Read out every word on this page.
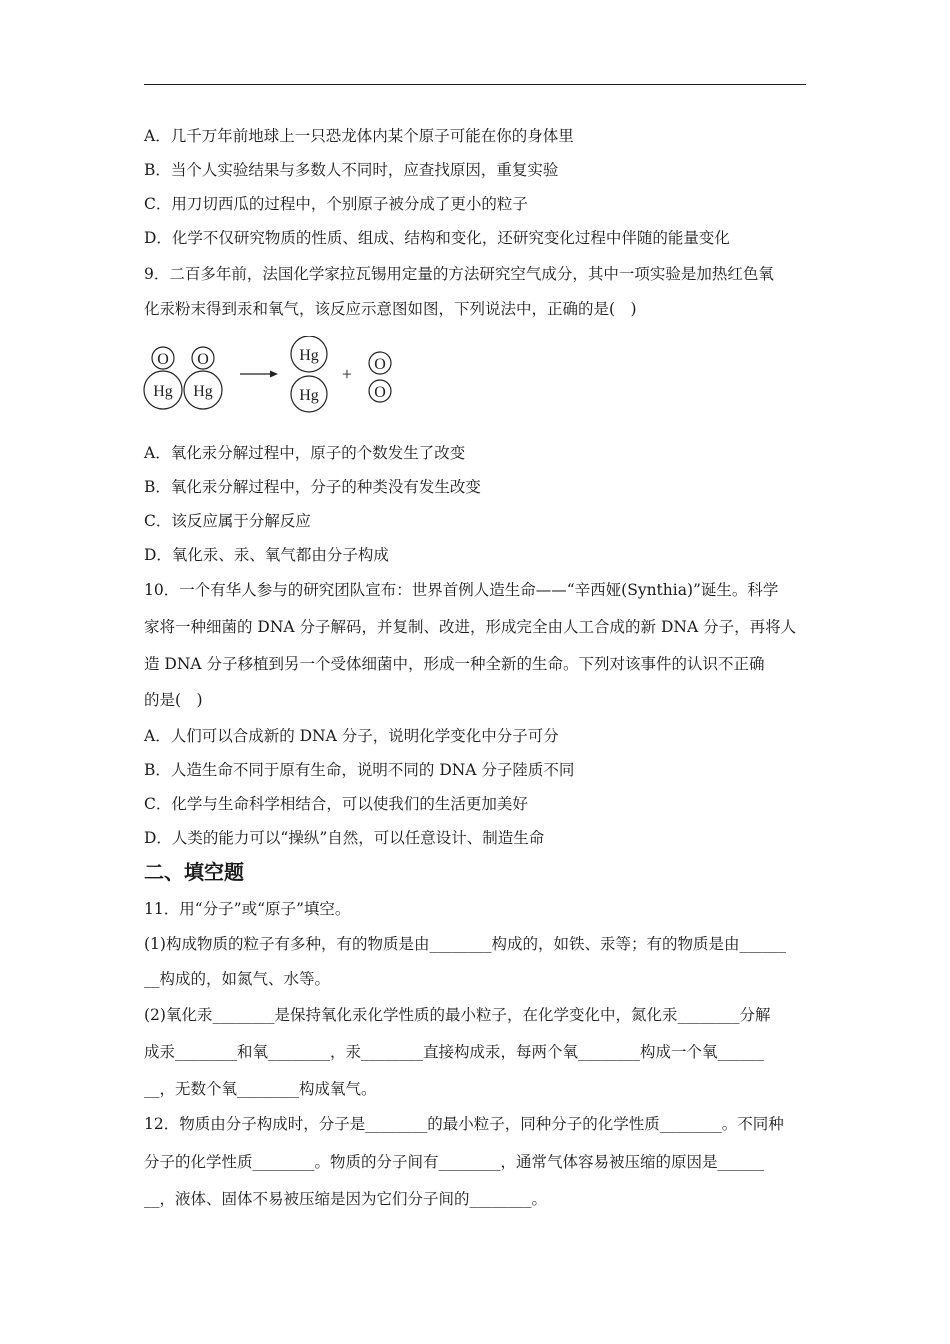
A．几千万年前地球上一只恐龙体内某个原子可能在你的身体里
B．当个人实验结果与多数人不同时，应查找原因，重复实验
C．用刀切西瓜的过程中，个别原子被分成了更小的粒子
D．化学不仅研究物质的性质、组成、结构和变化，还研究变化过程中伴随的能量变化
9．二百多年前，法国化学家拉瓦锡用定量的方法研究空气成分，其中一项实验是加热红色氧
化汞粉末得到汞和氧气，该反应示意图如图，下列说法中，正确的是(　)
O
Hg
O
Hg
Hg
Hg
O
O
+
A．氧化汞分解过程中，原子的个数发生了改变
B．氧化汞分解过程中，分子的种类没有发生改变
C．该反应属于分解反应
D．氧化汞、汞、氧气都由分子构成
10．一个有华人参与的研究团队宣布：世界首例人造生命——“辛西娅(Synthia)”诞生。科学
家将一种细菌的 DNA 分子解码，并复制、改进，形成完全由人工合成的新 DNA 分子，再将人
造 DNA 分子移植到另一个受体细菌中，形成一种全新的生命。下列对该事件的认识不正确
的是(　)
A．人们可以合成新的 DNA 分子，说明化学变化中分子可分
B．人造生命不同于原有生命，说明不同的 DNA 分子陸质不同
C．化学与生命科学相结合，可以使我们的生活更加美好
D．人类的能力可以“操纵”自然，可以任意设计、制造生命
二、填空题
11．用“分子”或“原子”填空。
(1)构成物质的粒子有多种，有的物质是由________构成的，如铁、汞等；有的物质是由______
__构成的，如氮气、水等。
(2)氧化汞________是保持氧化汞化学性质的最小粒子，在化学变化中，氮化汞________分解
成汞________和氧________，汞________直接构成汞，每两个氧________构成一个氧______
__，无数个氧________构成氧气。
12．物质由分子构成时，分子是________的最小粒子，同种分子的化学性质________。不同种
分子的化学性质________。物质的分子间有________，通常气体容易被压缩的原因是______
__，液体、固体不易被压缩是因为它们分子间的________。
